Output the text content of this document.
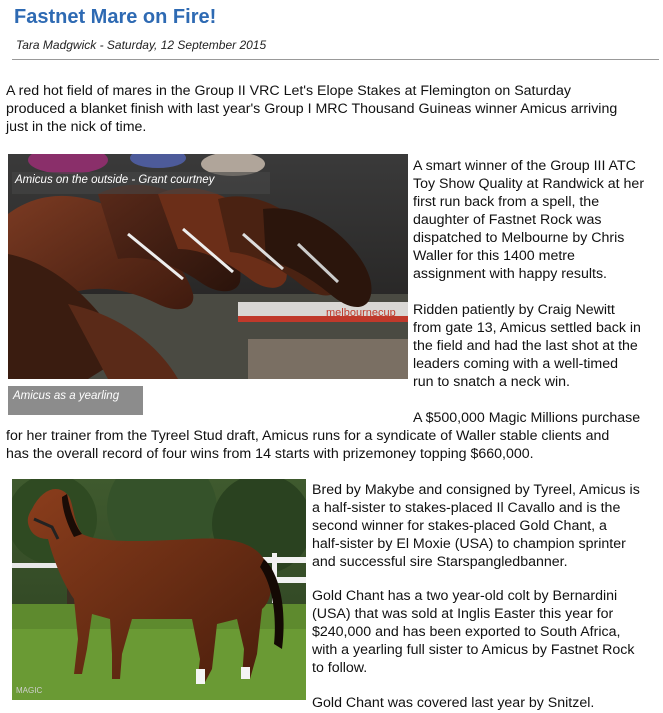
Fastnet Mare on Fire!
Tara Madgwick - Saturday, 12 September 2015
A red hot field of mares in the Group II VRC Let's Elope Stakes at Flemington on Saturday
produced a blanket finish with last year's Group I MRC Thousand Guineas winner Amicus arriving
just in the nick of time.
melbournecup
Amicus on the outside - Grant courtney
A smart winner of the Group III ATC
Toy Show Quality at Randwick at her
first run back from a spell, the
daughter of Fastnet Rock was
dispatched to Melbourne by Chris
Waller for this 1400 metre
assignment with happy results.
Ridden patiently by Craig Newitt
from gate 13, Amicus settled back in
the field and had the last shot at the
leaders coming with a well-timed
run to snatch a neck win.
Amicus as a yearling
A $500,000 Magic Millions purchase
for her trainer from the Tyreel Stud draft, Amicus runs for a syndicate of Waller stable clients and
has the overall record of four wins from 14 starts with prizemoney topping $660,000.
MAGIC
Bred by Makybe and consigned by Tyreel, Amicus is
a half-sister to stakes-placed Il Cavallo and is the
second winner for stakes-placed Gold Chant, a
half-sister by El Moxie (USA) to champion sprinter
and successful sire Starspangledbanner.
Gold Chant has a two year-old colt by Bernardini
(USA) that was sold at Inglis Easter this year for
$240,000 and has been exported to South Africa,
with a yearling full sister to Amicus by Fastnet Rock
to follow.
Gold Chant was covered last year by Snitzel.
